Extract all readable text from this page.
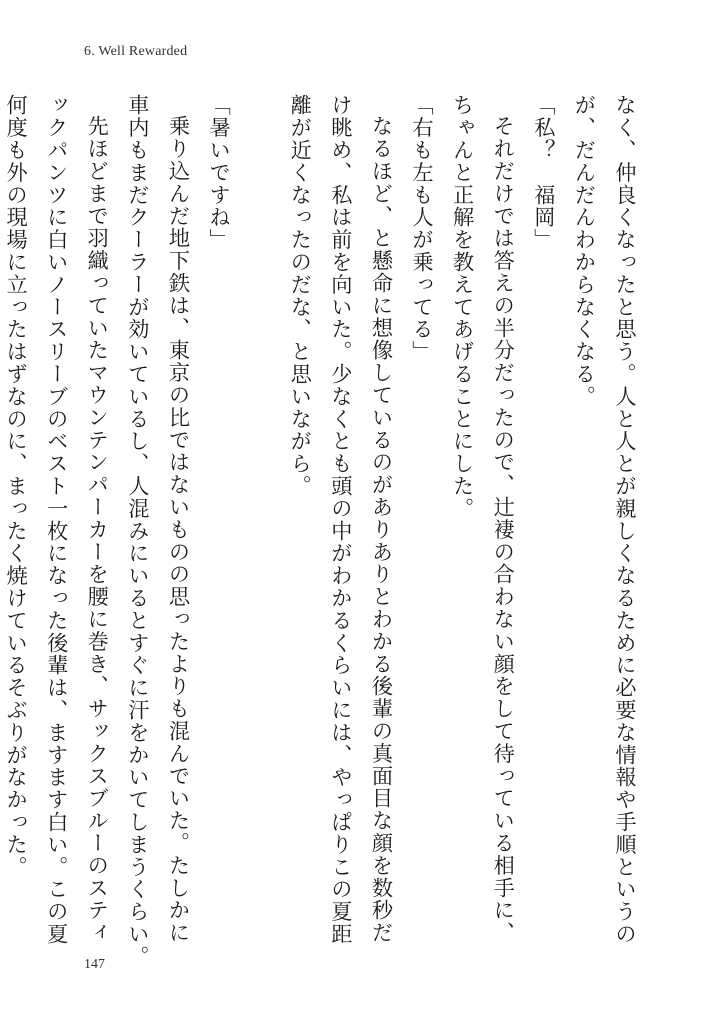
6. Well Rewarded
なく、仲良くなったと思う。人と人とが親しくなるために必要な情報や手順というの
が、だんだんわからなくなる。
「私？　福岡」
それだけでは答えの半分だったので、辻褄の合わない顔をして待っている相手に、
ちゃんと正解を教えてあげることにした。
「右も左も人が乗ってる」
なるほど、と懸命に想像しているのがありありとわかる後輩の真面目な顔を数秒だ
け眺め、私は前を向いた。少なくとも頭の中がわかるくらいには、やっぱりこの夏距
離が近くなったのだな、と思いながら。
「暑いですね」
乗り込んだ地下鉄は、東京の比ではないものの思ったよりも混んでいた。たしかに
車内もまだクーラーが効いているし、人混みにいるとすぐに汗をかいてしまうくらい。
先ほどまで羽織っていたマウンテンパーカーを腰に巻き、サックスブルーのスティ
ックパンツに白いノースリーブのベスト一枚になった後輩は、ますます白い。この夏
何度も外の現場に立ったはずなのに、まったく焼けているそぶりがなかった。
147
